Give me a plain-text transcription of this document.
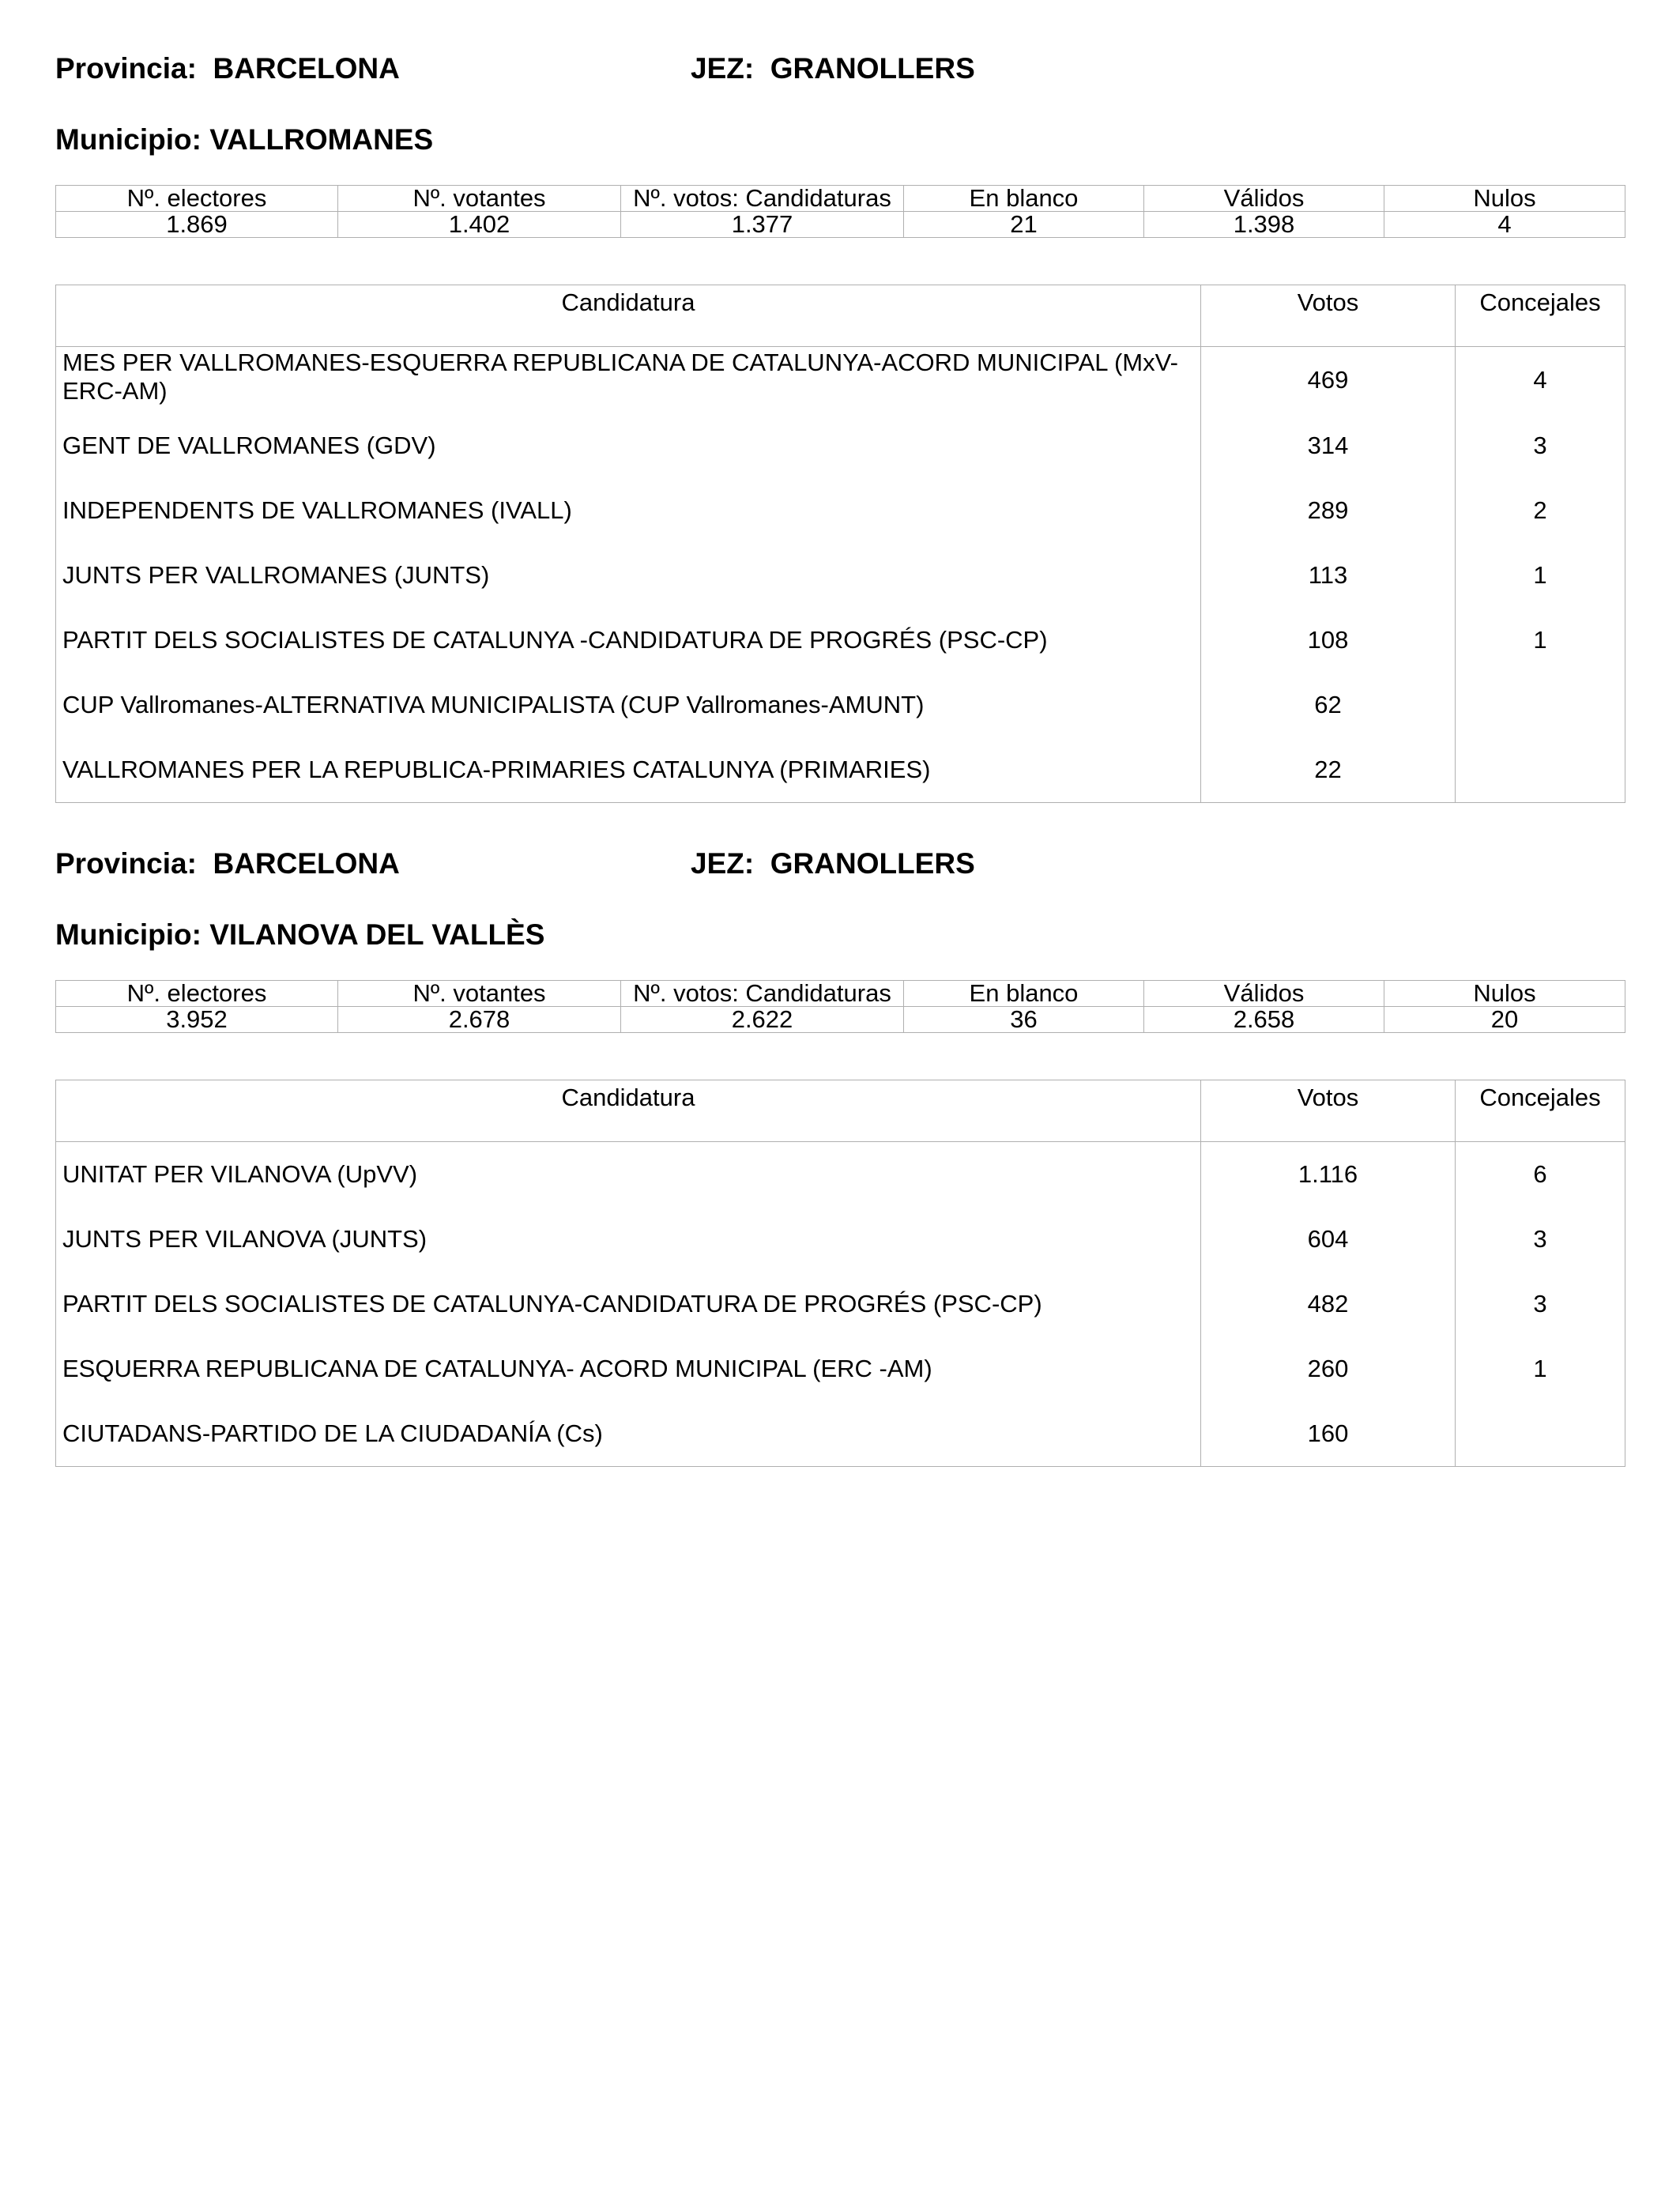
Provincia: BARCELONA	JEZ: GRANOLLERS
Municipio: VALLROMANES
Nº. electores	Nº. votantes	Nº. votos: Candidaturas	En blanco	Válidos	Nulos
1.869	1.402	1.377	21	1.398	4
Candidatura	Votos	Concejales
MES PER VALLROMANES-ESQUERRA REPUBLICANA DE CATALUNYA-ACORD MUNICIPAL (MxV-ERC-AM)	469	4
GENT DE VALLROMANES (GDV)	314	3
INDEPENDENTS DE VALLROMANES (IVALL)	289	2
JUNTS PER VALLROMANES (JUNTS)	113	1
PARTIT DELS SOCIALISTES DE CATALUNYA -CANDIDATURA DE PROGRÉS (PSC-CP)	108	1
CUP Vallromanes-ALTERNATIVA MUNICIPALISTA (CUP Vallromanes-AMUNT)	62	
VALLROMANES PER LA REPUBLICA-PRIMARIES CATALUNYA (PRIMARIES)	22	
Provincia: BARCELONA	JEZ: GRANOLLERS
Municipio: VILANOVA DEL VALLÈS
Nº. electores	Nº. votantes	Nº. votos: Candidaturas	En blanco	Válidos	Nulos
3.952	2.678	2.622	36	2.658	20
Candidatura	Votos	Concejales
UNITAT PER VILANOVA (UpVV)	1.116	6
JUNTS PER VILANOVA (JUNTS)	604	3
PARTIT DELS SOCIALISTES DE CATALUNYA-CANDIDATURA DE PROGRÉS (PSC-CP)	482	3
ESQUERRA REPUBLICANA DE CATALUNYA- ACORD MUNICIPAL (ERC -AM)	260	1
CIUTADANS-PARTIDO DE LA CIUDADANÍA (Cs)	160	
